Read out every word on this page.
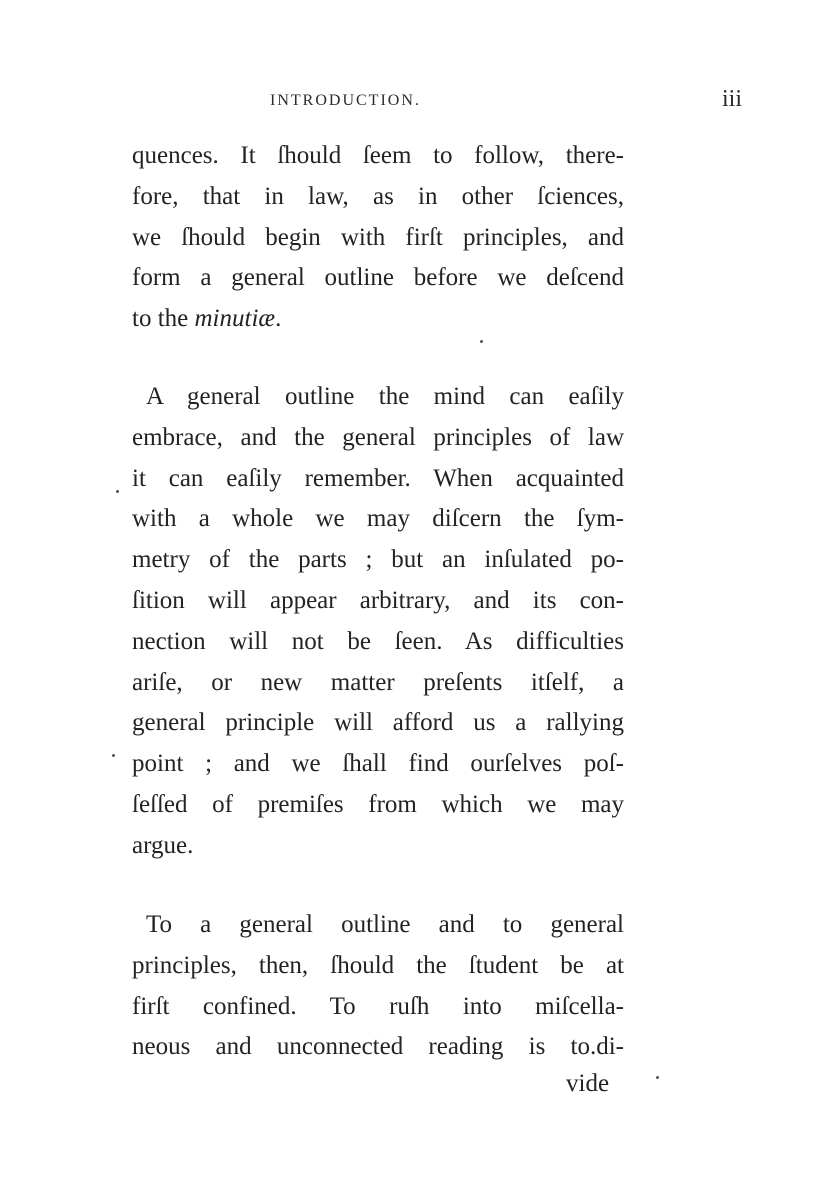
INTRODUCTION.	iii
quences. It ſhould ſeem to follow, there-
fore, that in law, as in other ſciences,
we ſhould begin with firſt principles, and
form a general outline before we deſcend
to the minutiæ.
A general outline the mind can eaſily
embrace, and the general principles of law
it can eaſily remember. When acquainted
with a whole we may diſcern the ſym-
metry of the parts ; but an inſulated po-
ſition will appear arbitrary, and its con-
nection will not be ſeen. As difficulties
ariſe, or new matter preſents itſelf, a
general principle will afford us a rallying
point ; and we ſhall find ourſelves poſ-
ſeſſed of premiſes from which we may
argue.
To a general outline and to general
principles, then, ſhould the ſtudent be at
firſt confined. To ruſh into miſcella-
neous and unconnected reading is to.di-
vide
